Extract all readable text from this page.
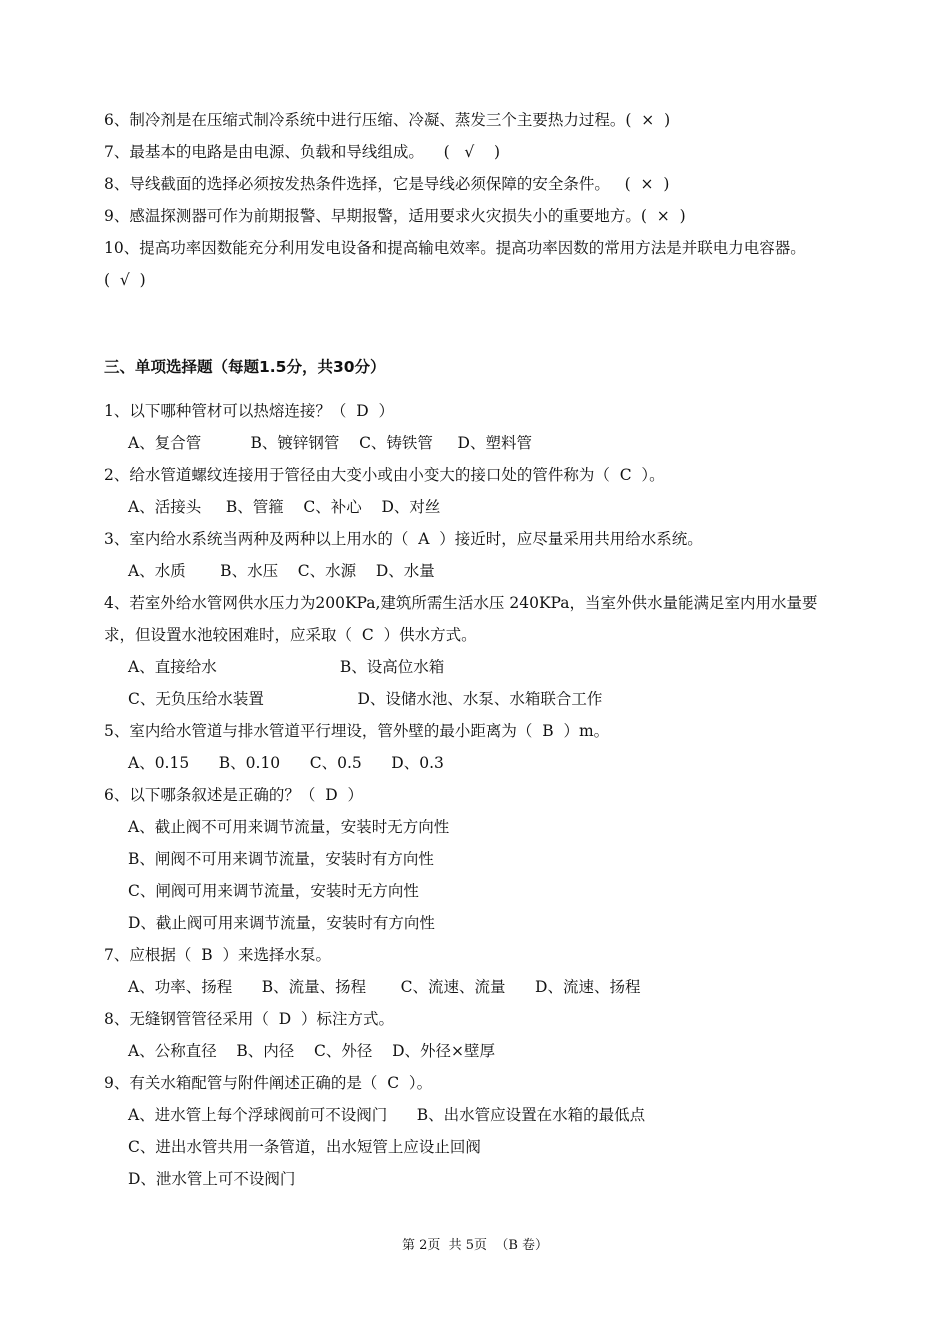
6、制冷剂是在压缩式制冷系统中进行压缩、冷凝、蒸发三个主要热力过程。(  ×  )
7、最基本的电路是由电源、负载和导线组成。    (   √    )
8、导线截面的选择必须按发热条件选择，它是导线必须保障的安全条件。   (  ×  )
9、感温探测器可作为前期报警、早期报警，适用要求火灾损失小的重要地方。(  ×  )
10、提高功率因数能充分利用发电设备和提高输电效率。提高功率因数的常用方法是并联电力电容器。
(  √  )
三、单项选择题（每题1.5分，共30分）
1、以下哪种管材可以热熔连接？（  D  ）
A、复合管          B、镀锌钢管    C、铸铁管     D、塑料管
2、给水管道螺纹连接用于管径由大变小或由小变大的接口处的管件称为（  C  ）。
A、活接头     B、管箍    C、补心    D、对丝
3、室内给水系统当两种及两种以上用水的（  A  ）接近时，应尽量采用共用给水系统。
A、水质       B、水压    C、水源    D、水量
4、若室外给水管网供水压力为200KPa,建筑所需生活水压 240KPa，当室外供水量能满足室内用水量要
求，但设置水池较困难时，应采取（  C  ）供水方式。
A、直接给水                         B、设高位水箱
C、无负压给水装置                   D、设储水池、水泵、水箱联合工作
5、室内给水管道与排水管道平行埋设，管外壁的最小距离为（  B  ）m。
A、0.15      B、0.10      C、0.5      D、0.3
6、以下哪条叙述是正确的？（  D  ）
A、截止阀不可用来调节流量，安装时无方向性
B、闸阀不可用来调节流量，安装时有方向性
C、闸阀可用来调节流量，安装时无方向性
D、截止阀可用来调节流量，安装时有方向性
7、应根据（  B  ）来选择水泵。
A、功率、扬程      B、流量、扬程       C、流速、流量      D、流速、扬程
8、无缝钢管管径采用（  D  ）标注方式。
A、公称直径    B、内径    C、外径    D、外径×壁厚
9、有关水箱配管与附件阐述正确的是（  C  ）。
A、进水管上每个浮球阀前可不设阀门      B、出水管应设置在水箱的最低点
C、进出水管共用一条管道，出水短管上应设止回阀
D、泄水管上可不设阀门
第 2页  共 5页  （B 卷）
